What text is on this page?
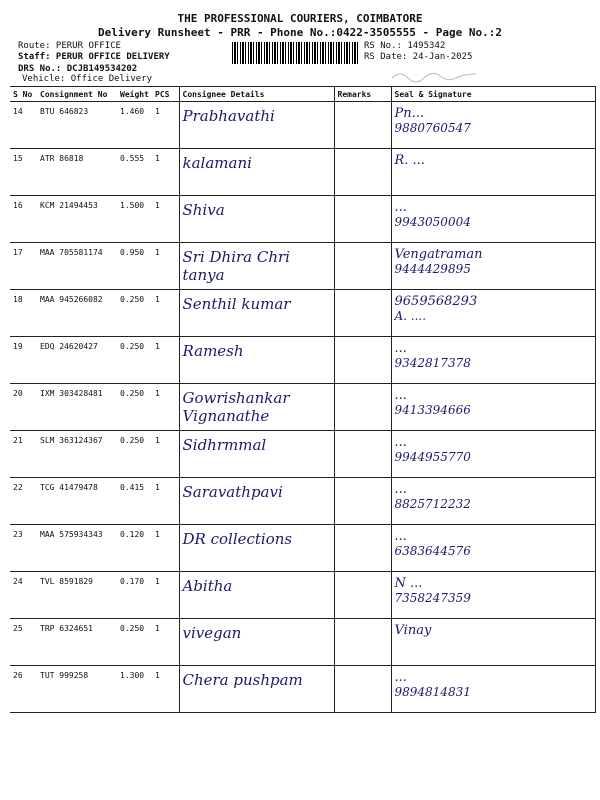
THE PROFESSIONAL COURIERS, COIMBATORE
Delivery Runsheet - PRR - Phone No.:0422-3505555 - Page No.:2
Route: PERUR OFFICE
Staff: PERUR OFFICE DELIVERY
DRS No.: DCJB149534202
Vehicle: Office Delivery
RS No.: 1495342
RS Date: 24-Jan-2025
S No	Consignment No	Weight	PCS	Consignee Details	Remarks	Seal & Signature
14	BTU 646823	1.460	1	Prabhavathi		Pn...
9880760547

15	ATR 86818	0.555	1	kalamani		R. ...

16	KCM 21494453	1.500	1	Shiva		...
9943050004

17	MAA 705581174	0.950	1	Sri Dhira Chri tanya		Vengatraman
9444429895

18	MAA 945266082	0.250	1	Senthil kumar		9659568293
A. ....

19	EDQ 24620427	0.250	1	Ramesh		...
9342817378

20	IXM 303428481	0.250	1	Gowrishankar Vignanathe		...
9413394666

21	SLM 363124367	0.250	1	Sidhrmmal		...
9944955770

22	TCG 41479478	0.415	1	Saravathpavi		...
8825712232

23	MAA 575934343	0.120	1	DR collections		...
6383644576

24	TVL 8591829	0.170	1	Abitha		N ...
7358247359

25	TRP 6324651	0.250	1	vivegan		Vinay

26	TUT 999258	1.300	1	Chera pushpam		...
9894814831
